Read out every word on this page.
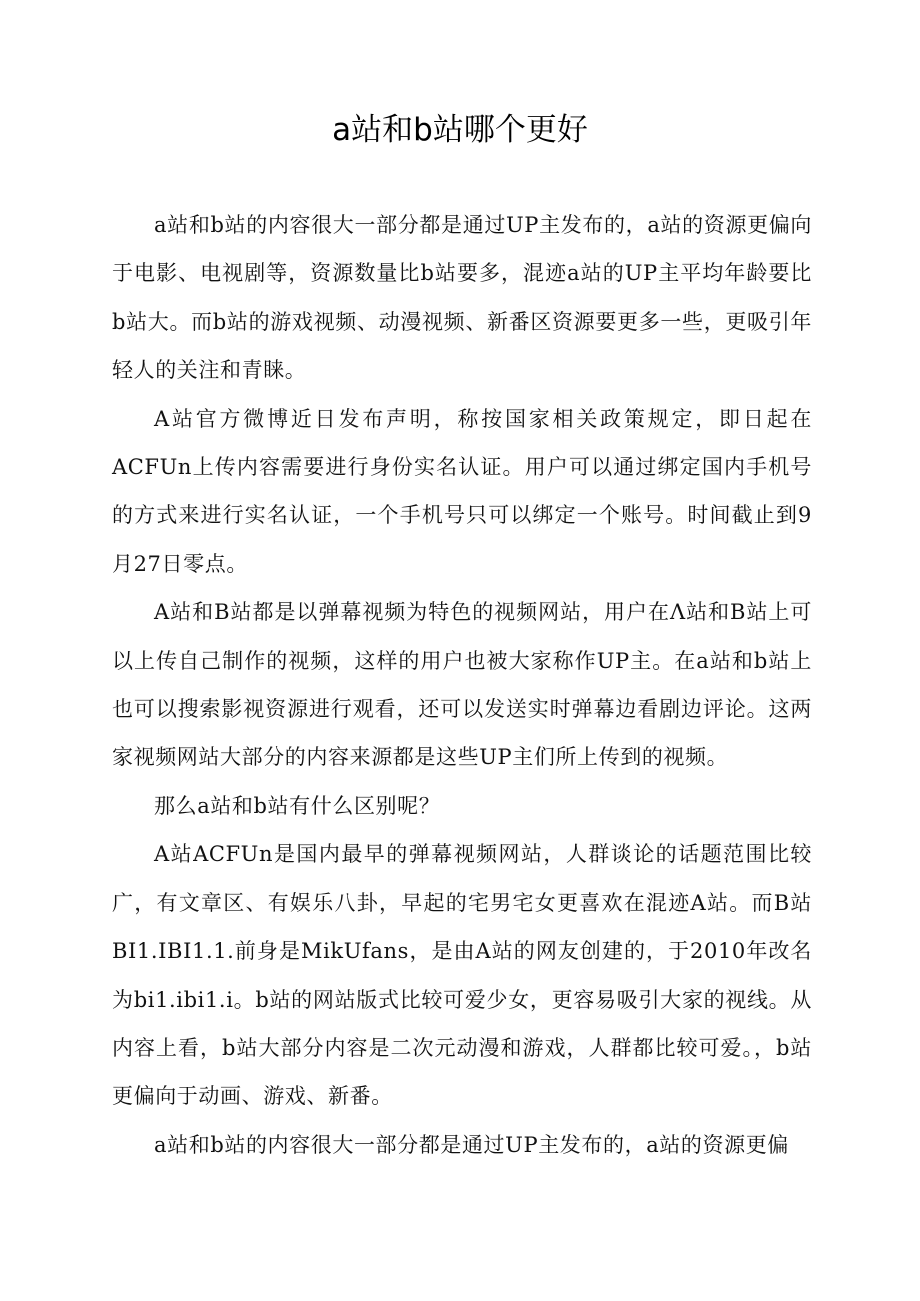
a站和b站哪个更好

a站和b站的内容很大一部分都是通过UP主发布的，a站的资源更偏向于电影、电视剧等，资源数量比b站要多，混迹a站的UP主平均年龄要比b站大。而b站的游戏视频、动漫视频、新番区资源要更多一些，更吸引年轻人的关注和青睐。

A站官方微博近日发布声明，称按国家相关政策规定，即日起在ACFUn上传内容需要进行身份实名认证。用户可以通过绑定国内手机号的方式来进行实名认证，一个手机号只可以绑定一个账号。时间截止到9月27日零点。

A站和B站都是以弹幕视频为特色的视频网站，用户在Λ站和B站上可以上传自己制作的视频，这样的用户也被大家称作UP主。在a站和b站上也可以搜索影视资源进行观看，还可以发送实时弹幕边看剧边评论。这两家视频网站大部分的内容来源都是这些UP主们所上传到的视频。

那么a站和b站有什么区别呢？

A站ACFUn是国内最早的弹幕视频网站，人群谈论的话题范围比较广，有文章区、有娱乐八卦，早起的宅男宅女更喜欢在混迹A站。而B站BI1.IBI1.1.前身是MikUfans，是由A站的网友创建的，于2010年改名为bi1.ibi1.i。b站的网站版式比较可爱少女，更容易吸引大家的视线。从内容上看，b站大部分内容是二次元动漫和游戏，人群都比较可爱。，b站更偏向于动画、游戏、新番。

a站和b站的内容很大一部分都是通过UP主发布的，a站的资源更偏
